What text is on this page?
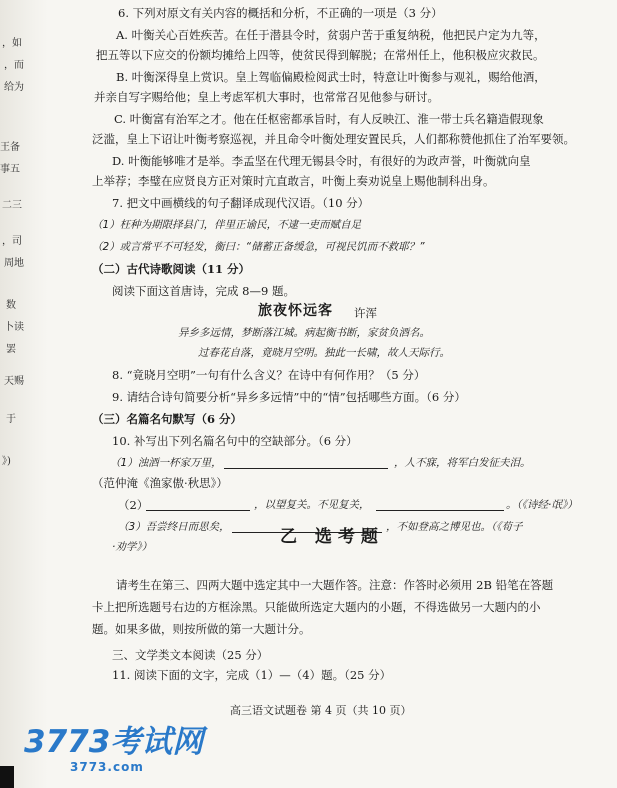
，如
，而
给为
王备
事五
二三
，司
周地
数
卜读
罢
天赐
于
》)
6. 下列对原文有关内容的概括和分析，不正确的一项是（3 分）
A. 叶衡关心百姓疾苦。在任于潜县令时，贫弱户苦于重复纳税，他把民户定为九等，
把五等以下应交的份额均摊给上四等，使贫民得到解脱；在常州任上，他积极应灾救民。
B. 叶衡深得皇上赏识。皇上驾临偏殿检阅武士时，特意让叶衡参与观礼，赐给他酒，
并亲自写字赐给他；皇上考虑军机大事时，也常常召见他参与研讨。
C. 叶衡富有治军之才。他在任枢密都承旨时，有人反映江、淮一带士兵名籍造假现象
泛滥，皇上下诏让叶衡考察巡视，并且命令叶衡处理安置民兵，人们都称赞他抓住了治军要领。
D. 叶衡能够唯才是举。李孟坚在代理无锡县令时，有很好的为政声誉，叶衡就向皇
上举荐；李璧在应贤良方正对策时亢直敢言，叶衡上奏劝说皇上赐他制科出身。
7. 把文中画横线的句子翻译成现代汉语。（10 分）
（1）枉种为期限择县门，伴里正谕民，不逮一吏而赋自足
（2）或言常平不可轻发，衡曰：“储蓄正备缓急，可视民饥而不救耶？”
（二）古代诗歌阅读（11 分）
阅读下面这首唐诗，完成 8—9 题。
旅夜怀远客 许浑
异乡多远情，梦断落江城。病起衡书断，家贫负酒名。
过春花自落，竟晓月空明。独此一长啸，故人天际行。
8. “竟晓月空明”一句有什么含义？在诗中有何作用？（5 分）
9. 请结合诗句简要分析“异乡多远情”中的“情”包括哪些方面。（6 分）
（三）名篇名句默写（6 分）
10. 补写出下列名篇名句中的空缺部分。（6 分）
（1）浊酒一杯家万里，	，人不寐，将军白发征夫泪。
（范仲淹《渔家傲·秋思》）
（2）	，以望复关。不见复关，	。（《诗经·氓》）
（3）吾尝终日而思矣，	，不如登高之博见也。（《荀子
·劝学》）	乙 选考题
请考生在第三、四两大题中选定其中一大题作答。注意：作答时必须用 2B 铅笔在答题
卡上把所选题号右边的方框涂黑。只能做所选定大题内的小题，不得选做另一大题内的小
题。如果多做，则按所做的第一大题计分。
三、文学类文本阅读（25 分）
11. 阅读下面的文字，完成（1）—（4）题。（25 分）
高三语文试题卷 第 4 页（共 10 页）
3773考试网
3773.com
